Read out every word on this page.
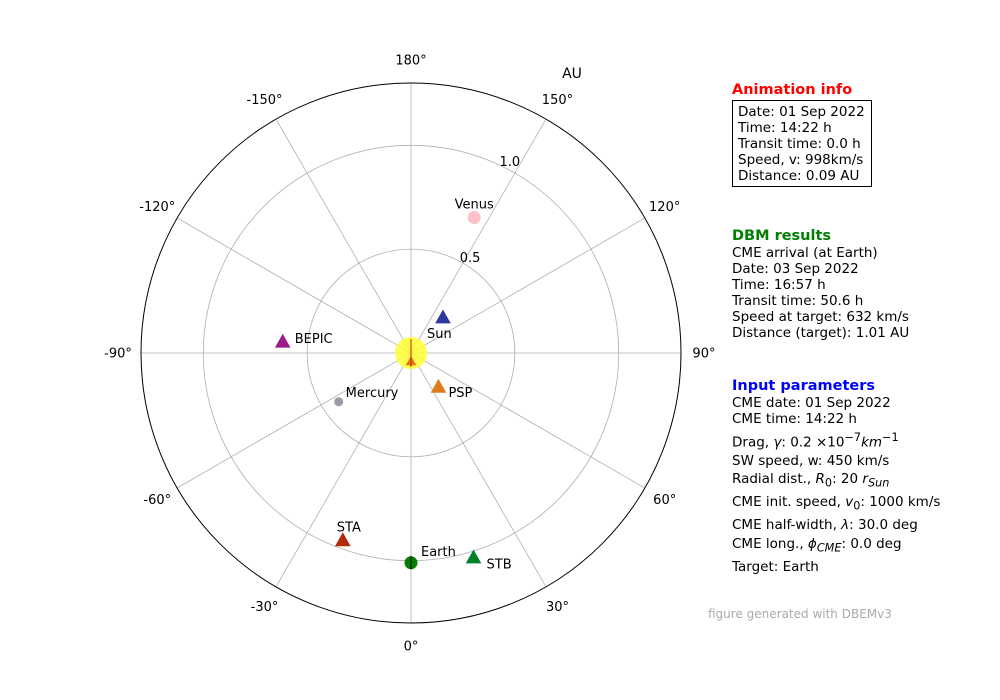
0°
30°
60°
90°
120°
150°
180°
-150°
-120°
-90°
-60°
-30°
0.5
1.0
AU
Sun
Earth
Venus
Mercury	PSP
BEPIC
STA
STB
Animation info
Date: 01 Sep 2022
Time: 14:22 h
Transit time: 0.0 h
Speed, v: 998km/s
Distance: 0.09 AU
DBM results
CME arrival (at Earth)
Date: 03 Sep 2022
Time: 16:57 h
Transit time: 50.6 h
Speed at target: 632 km/s
Distance (target): 1.01 AU
Input parameters
CME date: 01 Sep 2022
CME time: 14:22 h
Drag, γ: $0.2 \times 10^{-7}km^{-1}$
SW speed, w: 450 km/s
Radial dist., $R_0$: 20 $r_{Sun}$
CME init. speed, $v_0$: 1000 km/s
CME half-width, λ: 30.0 deg
CME long., $\phi_{CME}$: 0.0 deg
Target: Earth
figure generated with DBEMv3
